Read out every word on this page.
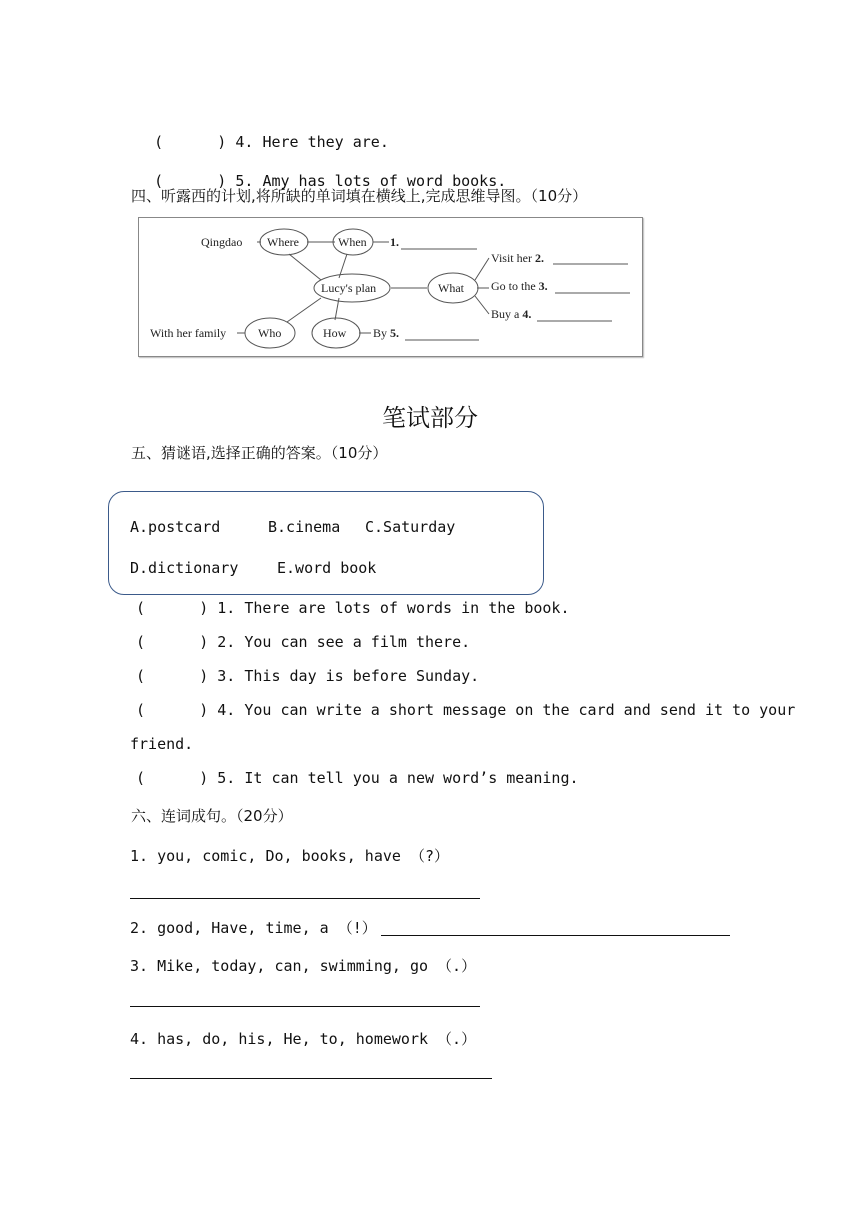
(	) 4. Here they are.

(	) 5. Amy has lots of word books.

四、听露西的计划,将所缺的单词填在横线上,完成思维导图。（10分）
Qingdao Where	When 1.
Lucy's plan	What
Visit her 2.
Go to the 3.
Buy a 4.
With her family	Who	How By 5.
笔试部分
五、猜谜语,选择正确的答案。（10分）
A.postcard	B.cinema C.Saturday
D.dictionary	E.word book
(      ) 1. There are lots of words in the book.
(      ) 2. You can see a film there.
(      ) 3. This day is before Sunday.
(      ) 4. You can write a short message on the card and send it to your
friend.
(      ) 5. It can tell you a new word’s meaning.
六、连词成句。（20分）
1. you, comic, Do, books, have （?）
2. good, Have, time, a （!）
3. Mike, today, can, swimming, go （.）
4. has, do, his, He, to, homework （.）
